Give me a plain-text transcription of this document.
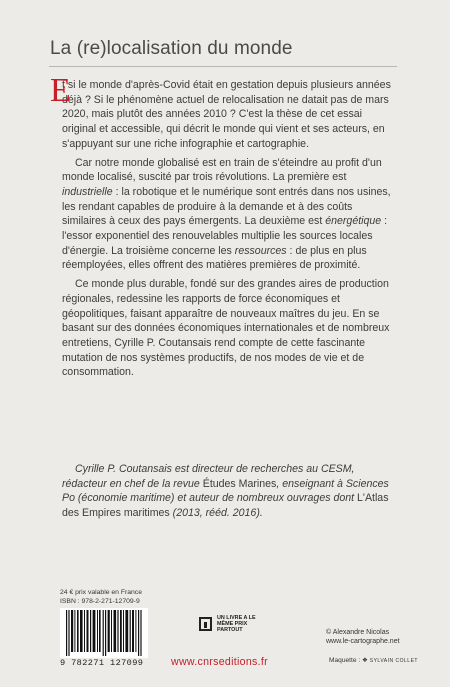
La (re)localisation du monde

E
t si le monde d'après-Covid était en gestation depuis plusieurs années déjà ? Si le phénomène actuel de relocalisation ne datait pas de mars 2020, mais plutôt des années 2010 ? C'est la thèse de cet essai original et accessible, qui décrit le monde qui vient et ses acteurs, en s'appuyant sur une riche infographie et cartographie.

Car notre monde globalisé est en train de s'éteindre au profit d'un monde localisé, suscité par trois révolutions. La première est industrielle : la robotique et le numérique sont entrés dans nos usines, les rendant capables de produire à la demande et à des coûts similaires à ceux des pays émergents. La deuxième est énergétique : l'essor exponentiel des renouvelables multiplie les sources locales d'énergie. La troisième concerne les ressources : de plus en plus réemployées, elles offrent des matières premières de proximité.

Ce monde plus durable, fondé sur des grandes aires de production régionales, redessine les rapports de force économiques et géopolitiques, faisant apparaître de nouveaux maîtres du jeu. En se basant sur des données économiques internationales et de nombreux entretiens, Cyrille P. Coutansais rend compte de cette fascinante mutation de nos systèmes productifs, de nos modes de vie et de consommation.

Cyrille P. Coutansais est directeur de recherches au CESM, rédacteur en chef de la revue Études Marines, enseignant à Sciences Po (économie maritime) et auteur de nombreux ouvrages dont L'Atlas des Empires maritimes (2013, rééd. 2016).

24 € prix valable en France
ISBN : 978-2-271-12709-9
9 782271 127099
UN LIVRE A LE MÊME PRIX PARTOUT
www.cnrseditions.fr
© Alexandre Nicolas
www.le-cartographe.net
Maquette : ❖ SYLVAIN COLLET
